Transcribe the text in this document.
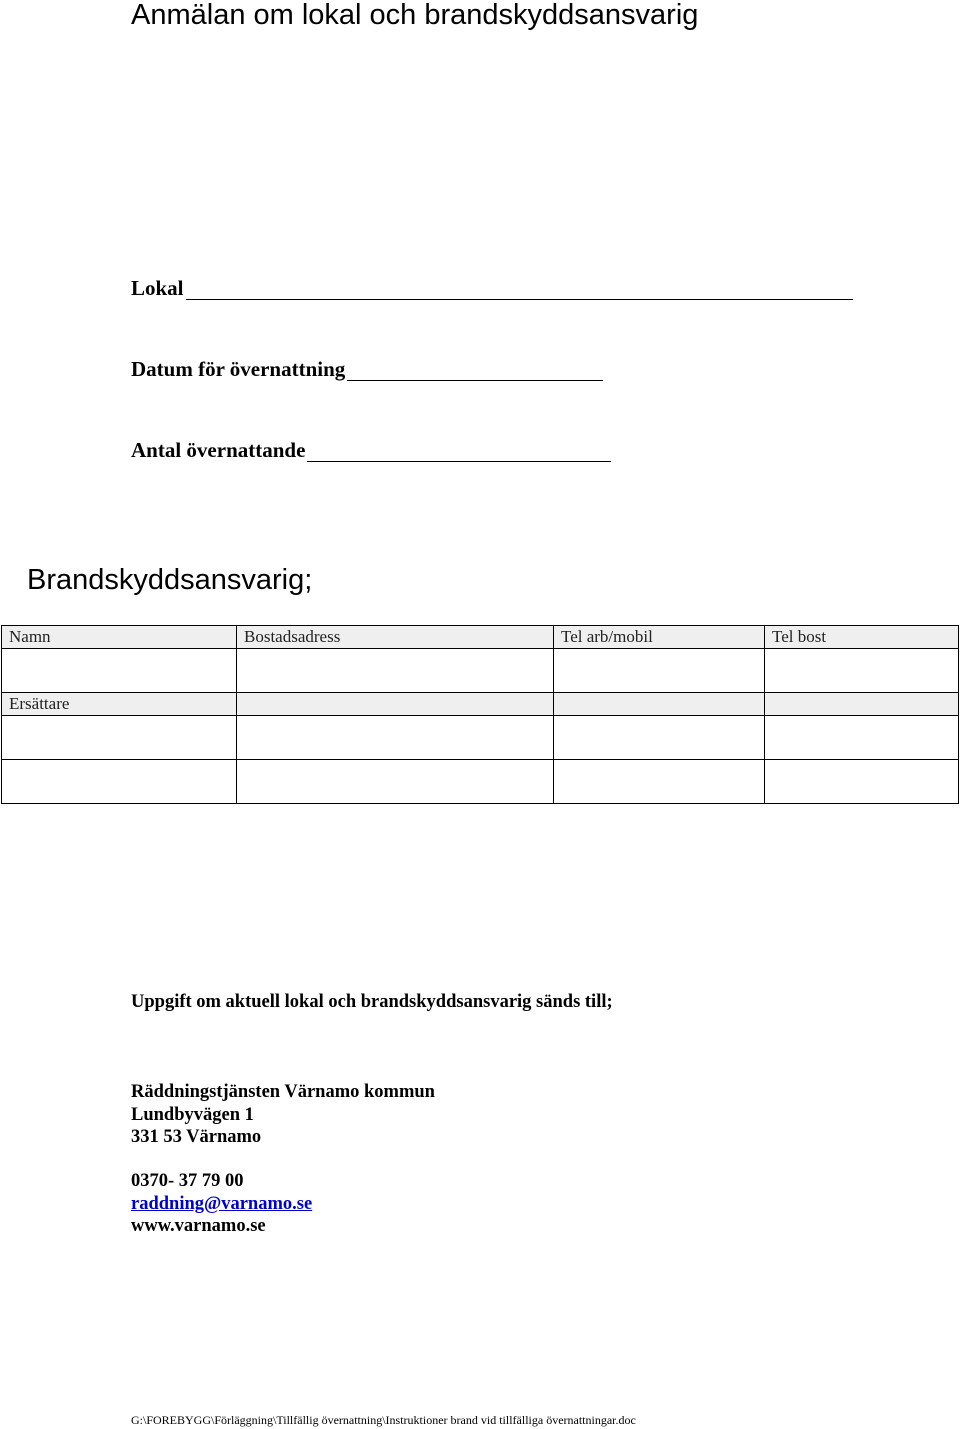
Anmälan om lokal och brandskyddsansvarig
Lokal
Datum för övernattning
Antal övernattande
Brandskyddsansvarig;
Namn	Bostadsadress	Tel arb/mobil	Tel bost

Ersättare			

Uppgift om aktuell lokal och brandskyddsansvarig sänds till;
Räddningstjänsten Värnamo kommun
Lundbyvägen 1
331 53 Värnamo
0370- 37 79 00
raddning@varnamo.se
www.varnamo.se
G:\FOREBYGG\Förläggning\Tillfällig övernattning\Instruktioner brand vid tillfälliga övernattningar.doc
